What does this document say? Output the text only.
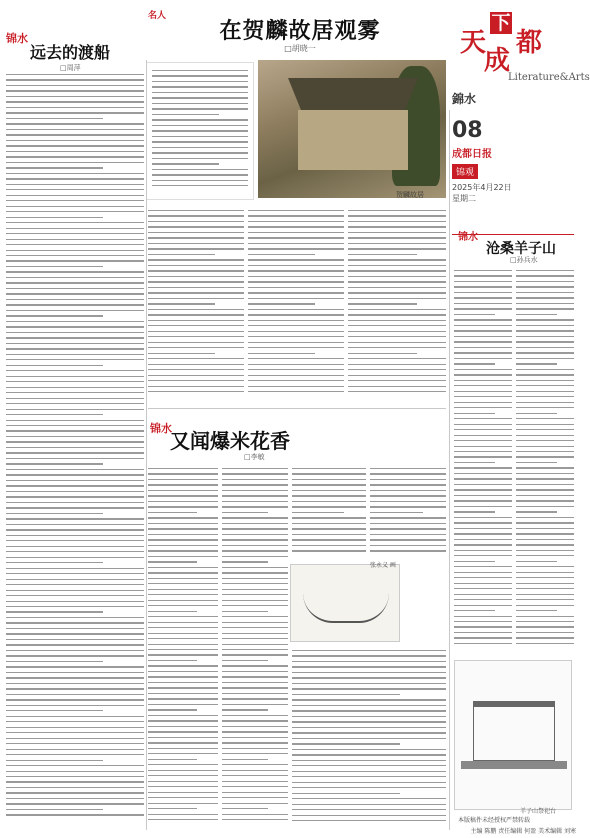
名人
在贺麟故居观雾
□胡晓一	天
下
成
都
Literature&Arts
錦水
08
成都日报
锦观
2025年4月22日
星期二
锦水
远去的渡船
□周萍
贺麟故居
锦水
又闻爆米花香
□李敏
张永义 画
锦水
沧桑羊子山
□孙兵水
羊子山祭祀台
本版稿件未经授权严禁转载
主编 陈鹏 责任编辑 何盈 美术编辑 刘寒
